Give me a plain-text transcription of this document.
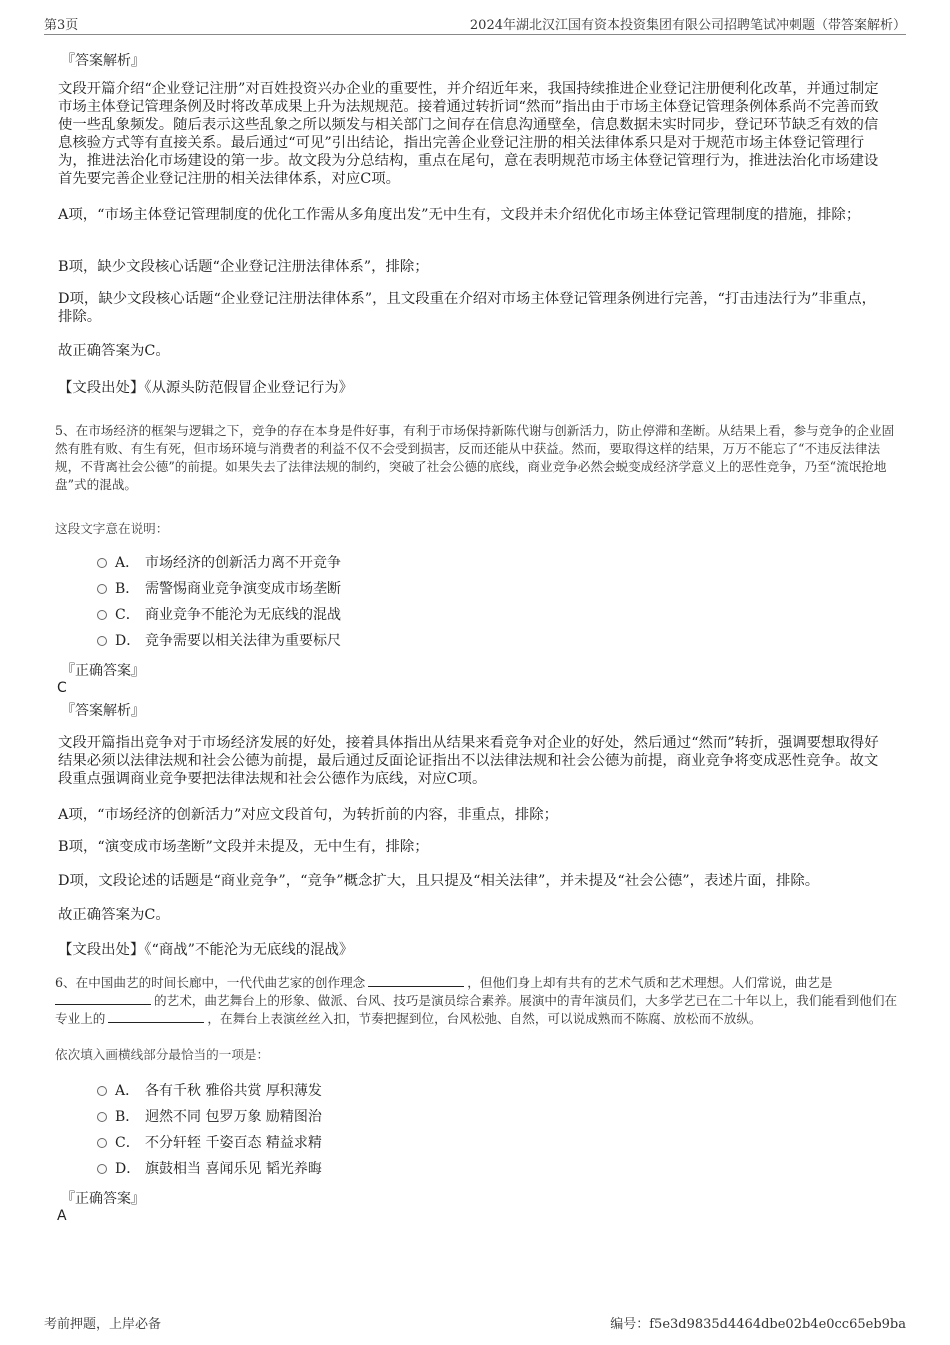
第3页	2024年湖北汉江国有资本投资集团有限公司招聘笔试冲刺题（带答案解析）

『答案解析』

文段开篇介绍“企业登记注册”对百姓投资兴办企业的重要性，并介绍近年来，我国持续推进企业登记注册便利化改革，并通过制定市场主体登记管理条例及时将改革成果上升为法规规范。接着通过转折词“然而”指出由于市场主体登记管理条例体系尚不完善而致使一些乱象频发。随后表示这些乱象之所以频发与相关部门之间存在信息沟通壁垒，信息数据未实时同步，登记环节缺乏有效的信息核验方式等有直接关系。最后通过“可见”引出结论，指出完善企业登记注册的相关法律体系只是对于规范市场主体登记管理行为，推进法治化市场建设的第一步。故文段为分总结构，重点在尾句，意在表明规范市场主体登记管理行为，推进法治化市场建设首先要完善企业登记注册的相关法律体系，对应C项。

A项，“市场主体登记管理制度的优化工作需从多角度出发”无中生有，文段并未介绍优化市场主体登记管理制度的措施，排除；

B项，缺少文段核心话题“企业登记注册法律体系”，排除；

D项，缺少文段核心话题“企业登记注册法律体系”，且文段重在介绍对市场主体登记管理条例进行完善，“打击违法行为”非重点，排除。

故正确答案为C。

【文段出处】《从源头防范假冒企业登记行为》

5、在市场经济的框架与逻辑之下，竞争的存在本身是件好事，有利于市场保持新陈代谢与创新活力，防止停滞和垄断。从结果上看，参与竞争的企业固然有胜有败、有生有死，但市场环境与消费者的利益不仅不会受到损害，反而还能从中获益。然而，要取得这样的结果，万万不能忘了“不违反法律法规，不背离社会公德”的前提。如果失去了法律法规的制约，突破了社会公德的底线，商业竞争必然会蜕变成经济学意义上的恶性竞争，乃至“流氓抢地盘”式的混战。

这段文字意在说明：

A． 市场经济的创新活力离不开竞争
B． 需警惕商业竞争演变成市场垄断
C． 商业竞争不能沦为无底线的混战
D． 竞争需要以相关法律为重要标尺

『正确答案』

C

『答案解析』

文段开篇指出竞争对于市场经济发展的好处，接着具体指出从结果来看竞争对企业的好处，然后通过“然而”转折，强调要想取得好结果必须以法律法规和社会公德为前提，最后通过反面论证指出不以法律法规和社会公德为前提，商业竞争将变成恶性竞争。故文段重点强调商业竞争要把法律法规和社会公德作为底线，对应C项。

A项，“市场经济的创新活力”对应文段首句，为转折前的内容，非重点，排除；

B项，“演变成市场垄断”文段并未提及，无中生有，排除；

D项，文段论述的话题是“商业竞争”，“竞争”概念扩大，且只提及“相关法律”，并未提及“社会公德”，表述片面，排除。

故正确答案为C。

【文段出处】《“商战”不能沦为无底线的混战》

6、在中国曲艺的时间长廊中，一代代曲艺家的创作理念	，但他们身上却有共有的艺术气质和艺术理想。人们常说，曲艺是
的艺术，曲艺舞台上的形象、做派、台风、技巧是演员综合素养。展演中的青年演员们，大多学艺已在二十年以上，我们能看到他们在专业上的	，在舞台上表演丝丝入扣，节奏把握到位，台风松弛、自然，可以说成熟而不陈腐、放松而不放纵。

依次填入画横线部分最恰当的一项是：

A． 各有千秋 雅俗共赏 厚积薄发
B． 迥然不同 包罗万象 励精图治
C． 不分轩轾 千姿百态 精益求精
D． 旗鼓相当 喜闻乐见 韬光养晦

『正确答案』

A

考前押题，上岸必备	编号：f5e3d9835d4464dbe02b4e0cc65eb9ba
